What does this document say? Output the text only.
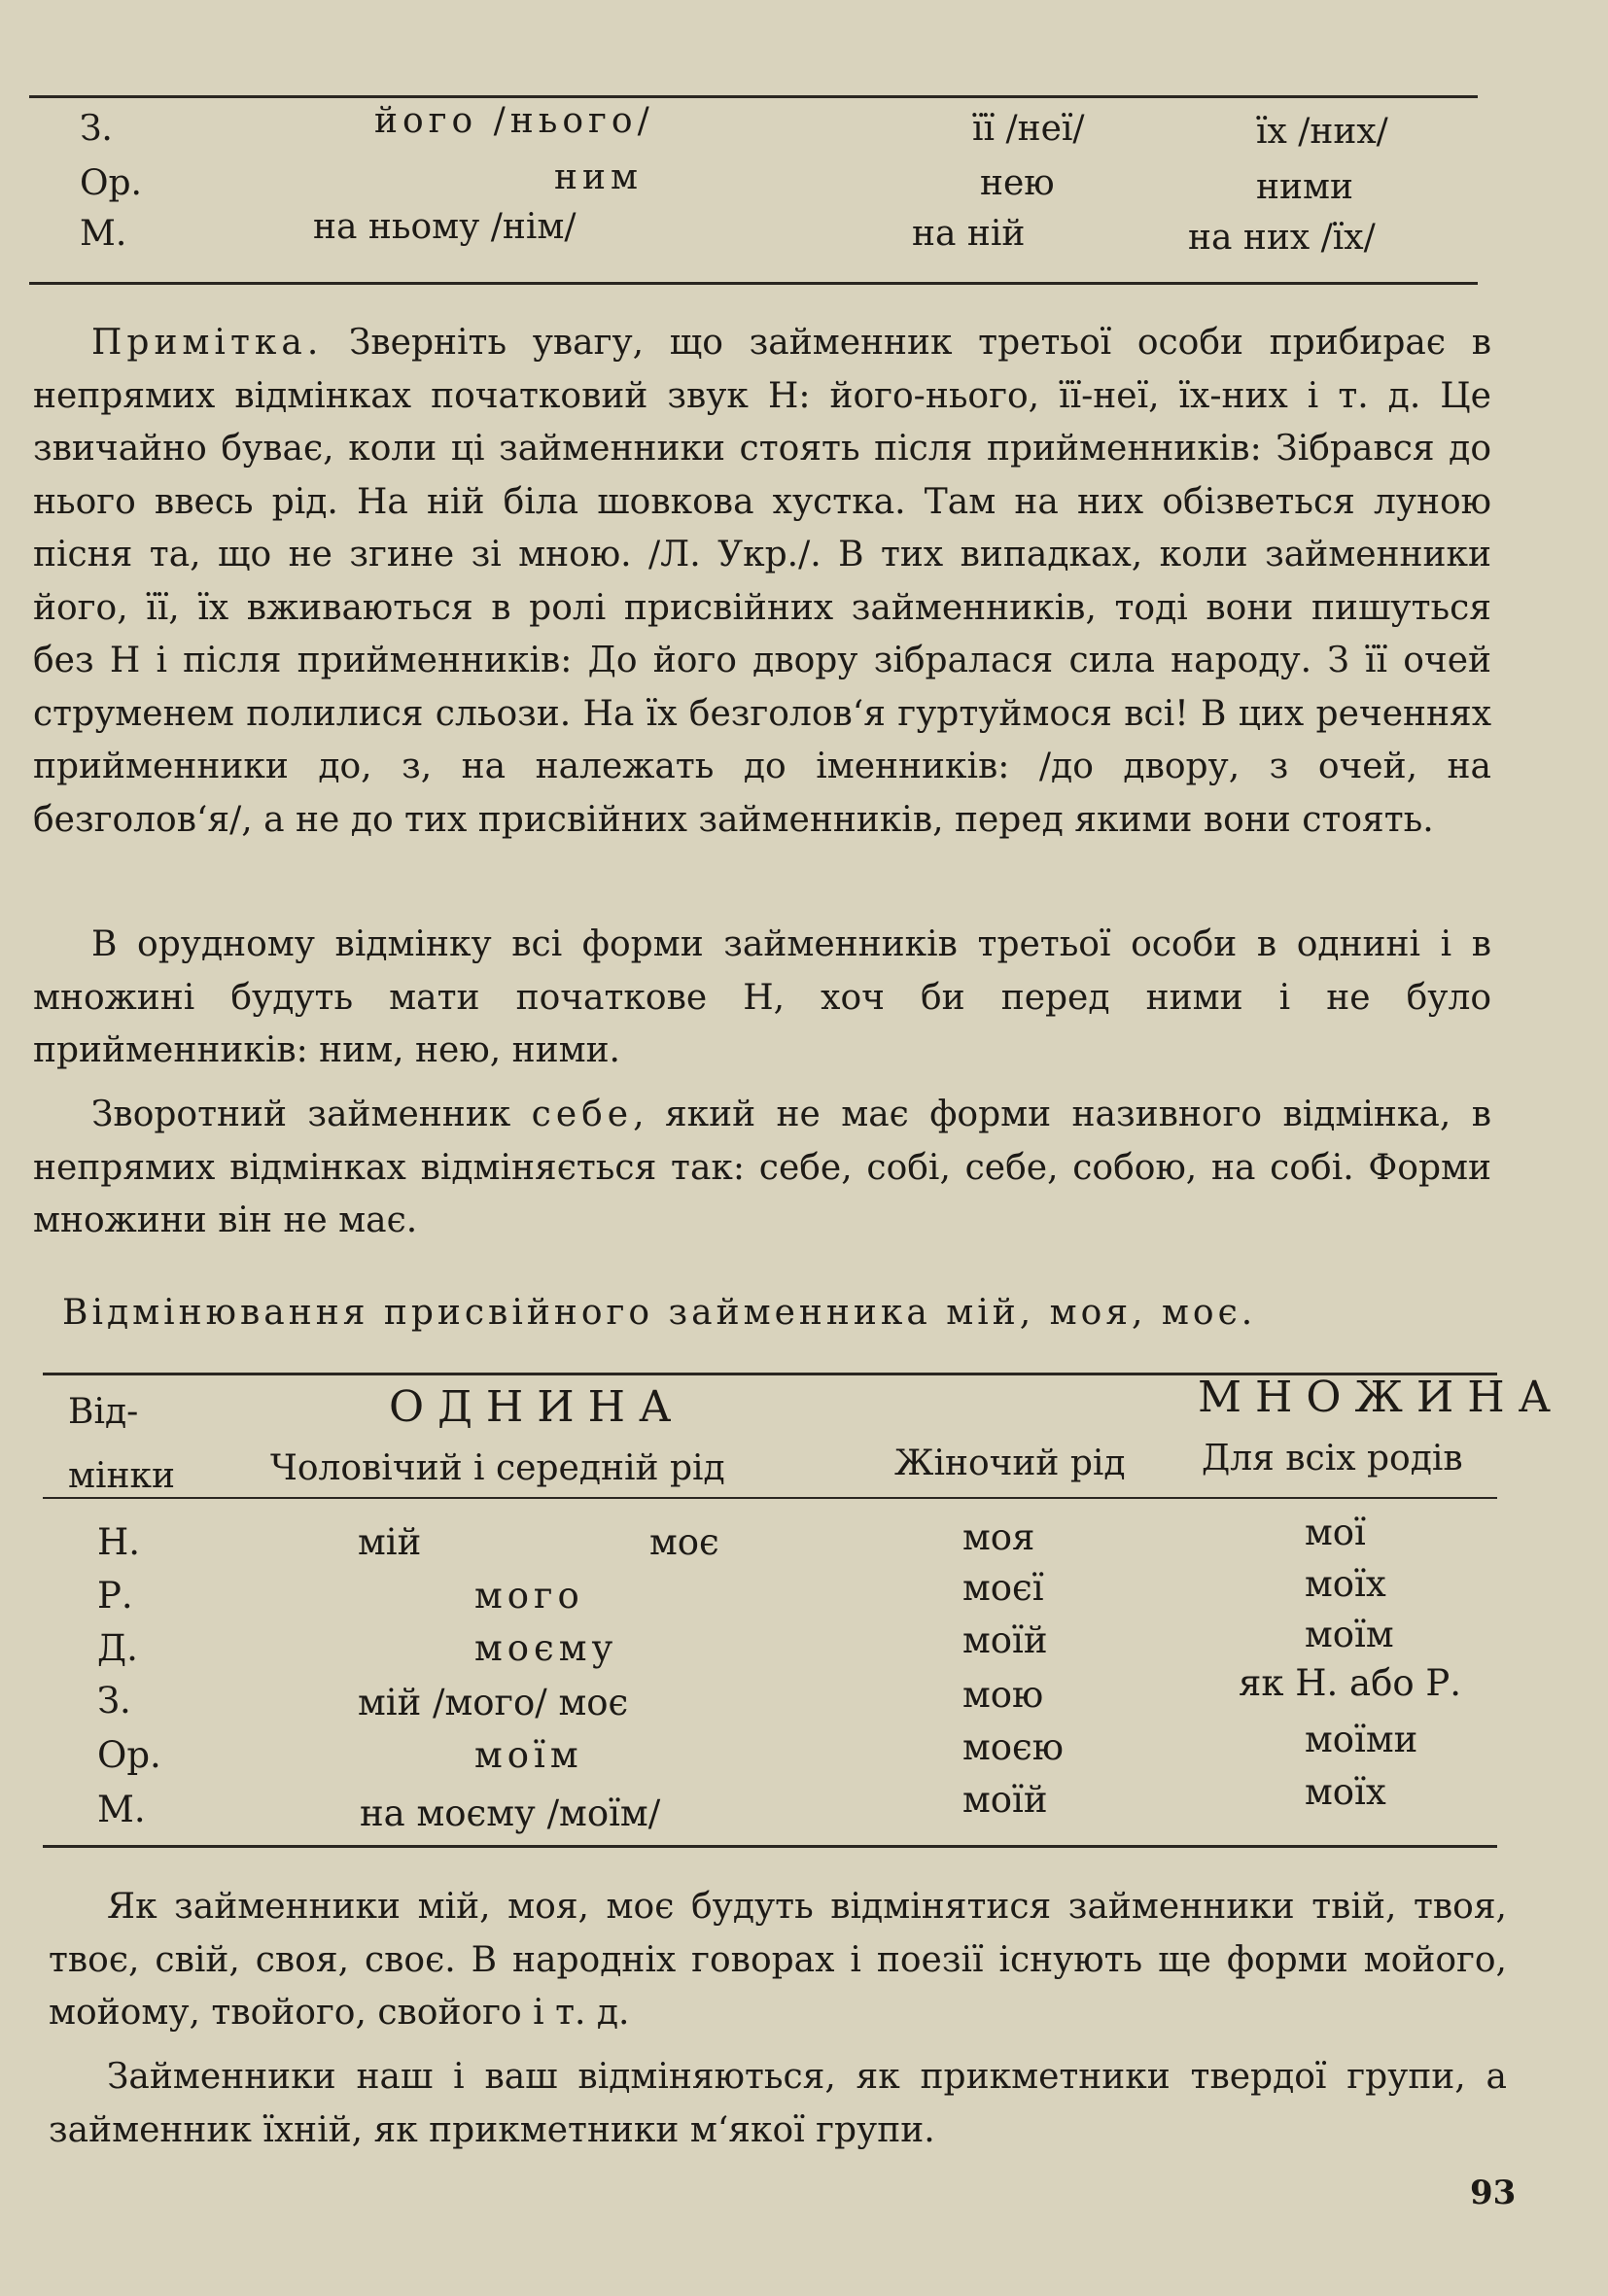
З.	його /нього/	її /неї/	їх /них/
Ор.	ним	нею	ними
М.	на ньому /нім/	на ній	на них /їх/

Примітка. Зверніть увагу, що займенник третьої особи прибирає в непрямих відмінках початковий звук Н: його-нього, її-неї, їх-них і т. д. Це звичайно буває, коли ці займенники стоять після прийменників: Зібрався до нього ввесь рід. На ній біла шовкова хустка. Там на них обізветься луною пісня та, що не згине зі мною. /Л. Укр./. В тих випадках, коли займенники його, її, їх вживаються в ролі присвійних займенників, тоді вони пишуться без Н і після прийменників: До його двору зібралася сила народу. З її очей струменем полилися сльози. На їх безголов‘я гуртуймося всі! В цих реченнях прийменники до, з, на належать до іменників: /до двору, з очей, на безголов‘я/, а не до тих присвійних займенників, перед якими вони стоять.

В орудному відмінку всі форми займенників третьої особи в однині і в множині будуть мати початкове Н, хоч би перед ними і не було прийменників: ним, нею, ними.

Зворотний займенник себе, який не має форми називного відмінка, в непрямих відмінках відміняється так: себе, собі, себе, собою, на собі. Форми множини він не має.

Відмінювання присвійного займенника мій, моя, моє.
Від-
мінки
ОДНИНА	МНОЖИНА
Чоловічий і середній рід	Жіночий рід Для всіх родів
Н.	мій	моє	моя	мої
Р.	мого	моєї	моїх
Д.	моєму	моїй	моїм
З.	мій /мого/ моє	мою	як Н. або Р.
Ор.	моїм	моєю	моїми
М.	на моєму /моїм/	моїй	моїх

Як займенники мій, моя, моє будуть відмінятися займенники твій, твоя, твоє, свій, своя, своє. В народніх говорах і поезії існують ще форми мойого, мойому, твойого, свойого і т. д.

Займенники наш і ваш відміняються, як прикметники твердої групи, а займенник їхній, як прикметники м‘якої групи.

93
